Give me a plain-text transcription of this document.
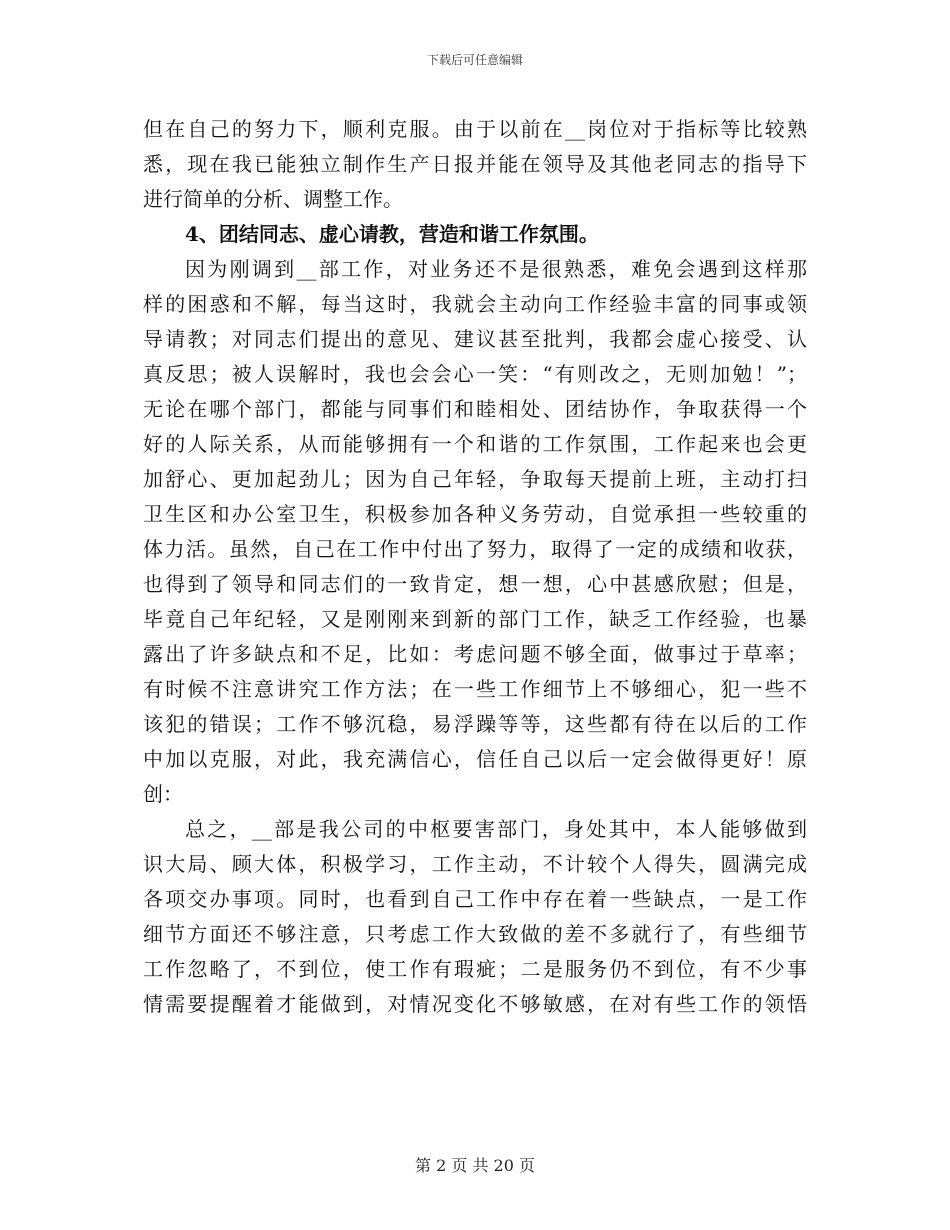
下载后可任意编辑
但在自己的努力下，顺利克服。由于以前在__岗位对于指标等比较熟
悉，现在我已能独立制作生产日报并能在领导及其他老同志的指导下
进行简单的分析、调整工作。
4、团结同志、虚心请教，营造和谐工作氛围。
因为刚调到__部工作，对业务还不是很熟悉，难免会遇到这样那
样的困惑和不解，每当这时，我就会主动向工作经验丰富的同事或领
导请教；对同志们提出的意见、建议甚至批判，我都会虚心接受、认
真反思；被人误解时，我也会会心一笑：“有则改之，无则加勉！”；
无论在哪个部门，都能与同事们和睦相处、团结协作，争取获得一个
好的人际关系，从而能够拥有一个和谐的工作氛围，工作起来也会更
加舒心、更加起劲儿；因为自己年轻，争取每天提前上班，主动打扫
卫生区和办公室卫生，积极参加各种义务劳动，自觉承担一些较重的
体力活。虽然，自己在工作中付出了努力，取得了一定的成绩和收获，
也得到了领导和同志们的一致肯定，想一想，心中甚感欣慰；但是，
毕竟自己年纪轻，又是刚刚来到新的部门工作，缺乏工作经验，也暴
露出了许多缺点和不足，比如：考虑问题不够全面，做事过于草率；
有时候不注意讲究工作方法；在一些工作细节上不够细心，犯一些不
该犯的错误；工作不够沉稳，易浮躁等等，这些都有待在以后的工作
中加以克服，对此，我充满信心，信任自己以后一定会做得更好！原
创：
总之，__部是我公司的中枢要害部门，身处其中，本人能够做到
识大局、顾大体，积极学习，工作主动，不计较个人得失，圆满完成
各项交办事项。同时，也看到自己工作中存在着一些缺点，一是工作
细节方面还不够注意，只考虑工作大致做的差不多就行了，有些细节
工作忽略了，不到位，使工作有瑕疵；二是服务仍不到位，有不少事
情需要提醒着才能做到，对情况变化不够敏感，在对有些工作的领悟
第 2 页 共 20 页
